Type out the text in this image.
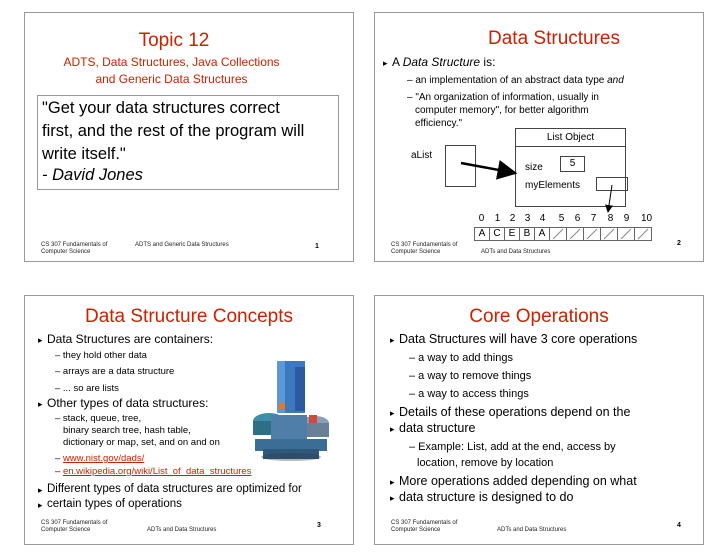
Topic 12
ADTS, Data Structures, Java Collections
and Generic Data Structures
"Get your data structures correct
first, and the rest of the program will
write itself."
- David Jones
CS 307 Fundamentals of
Computer Science
ADTS and Generic Data Structures	1
Data Structures
▸ A Data Structure is:
– an implementation of an abstract data type and
– "An organization of information, usually in
computer memory", for better algorithm
efficiency."
aList
List Object
size	5
myElements
0	1 2 3 4	5	6	7	8	9	10
A C E B A
CS 307 Fundamentals of
Computer Science	ADTs and Data Structures
2
Data Structure Concepts
▸ Data Structures are containers:
– they hold other data
– arrays are a data structure
– ... so are lists
▸ Other types of data structures:
– stack, queue, tree,
binary search tree, hash table,
dictionary or map, set, and on and on
– www.nist.gov/dads/
– en.wikipedia.org/wiki/List_of_data_structures
▸ Different types of data structures are optimized for
▸ certain types of operations
CS 307 Fundamentals of
Computer Science	ADTs and Data Structures
3
Core Operations
▸ Data Structures will have 3 core operations
– a way to add things
– a way to remove things
– a way to access things
▸ Details of these operations depend on the
▸ data structure
– Example: List, add at the end, access by
location, remove by location
▸ More operations added depending on what
▸ data structure is designed to do
CS 307 Fundamentals of
Computer Science	ADTs and Data Structures
4
